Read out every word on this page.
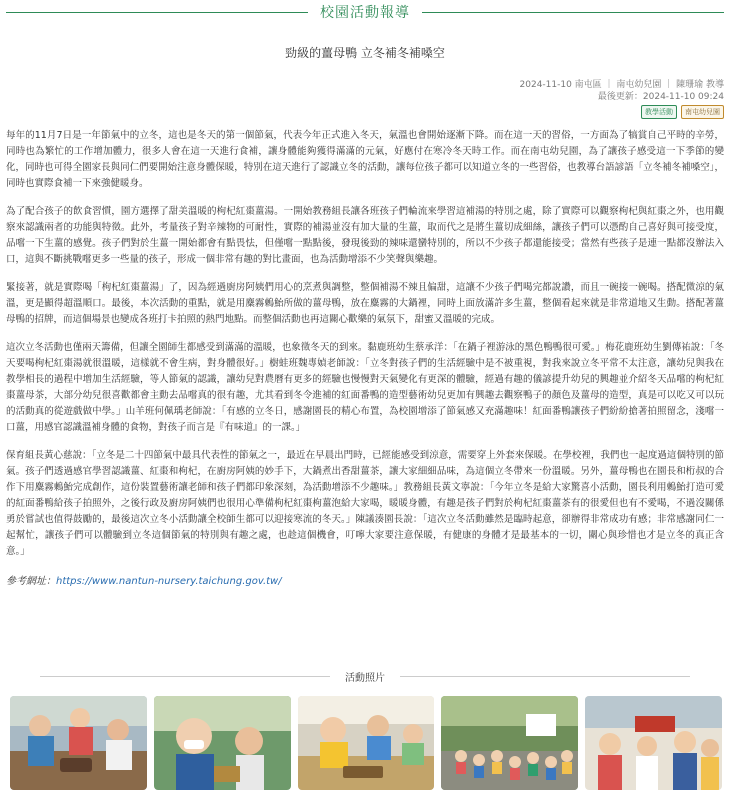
校園活動報導
勁級的薑母鴨 立冬補冬補嗓空
2024-11-10 南屯區 ｜ 南屯幼兒園 ｜ 陳珊瑜 教導
最後更新：2024-11-10 09:24
教學活動	南屯幼兒園

每年的11月7日是一年節氣中的立冬，這也是冬天的第一個節氣，代表今年正式進入冬天，氣溫也會開始逐漸下降。而在這一天的習俗，一方面為了犒賞自己平時的辛勞，同時也為繁忙的工作增加體力，很多人會在這一天進行食補，讓身體能夠獲得滿滿的元氣，好應付在寒冷冬天時工作。而在南屯幼兒園，為了讓孩子感受這一下季節的變化，同時也可得全園家長與同仁們要開始注意身體保暖，特別在這天進行了認識立冬的活動，讓每位孩子都可以知道立冬的一些習俗，也教導台語諺語「立冬補冬補嗓空」，同時也實際食補一下來強健暖身。

為了配合孩子的飲食習慣，園方選擇了甜美溫暖的枸杞紅棗薑湯。一開始教務組長讓各班孩子們輪流來學習這補湯的特別之處，除了實際可以觀察枸杞與紅棗之外，也用觀察來認識兩者的功能與特徵。此外，考量孩子對辛辣物的可耐性，實際的補湯並沒有加大量的生薑，取而代之是將生薑切成細絲，讓孩子們可以憑酌自己喜好與可接受度，品嚐一下生薑的感覺。孩子們對於生薑一開始都會有點畏怯，但僅嚐一點點後，發現後勁的辣味還蠻特別的，所以不少孩子都還能接受；當然有些孩子是連一點都沒辦法入口，這與不斷挑戰嚐更多一些量的孩子，形成一個非常有趣的對比畫面，也為活動增添不少笑聲與樂趣。

緊接著，就是實際喝「枸杞紅棗薑湯」了，因為經過廚房阿姨們用心的烹煮與調整，整個補湯不辣且偏甜，這讓不少孩子們喝完都說讚，而且一碗接一碗喝。搭配微涼的氣溫，更是顯得超溫順口。最後，本次活動的重點，就是用麋霧鶇鮐所做的薑母鴨，放在麋霧的大鍋裡，同時上面放滿許多生薑，整個看起來就是非常道地又生動。搭配著薑母鴨的招牌，而這個場景也變成各班打卡拍照的熱門地點。而整個活動也再這關心歡樂的氣氛下，甜蜜又溫暖的完成。

這次立冬活動也僅兩天籌備，但讓全園師生都感受到滿滿的溫暖，也象徵冬天的到來。黏鹿班幼生蔡承洋：「在鍋子裡游泳的黑色鴨鴨很可愛。」梅花鹿班幼生劉傳祐說：「冬天要喝枸杞紅棗湯就很溫暖，這樣就不會生病，對身體很好。」樹蛙班魏專媜老師說：「立冬對孩子們的生活經驗中是不被重視，對我來說立冬平常不太注意，讓幼兒與我在教學相長的過程中增加生活經驗，等人節氣的認識，讓幼兒對農曆有更多的經驗也慢慢對天氣變化有更深的體驗，經過有趣的儀諺提升幼兒的興趣並介紹冬天品嚐的枸杞紅棗薑母茶，大部分幼兒很喜歡都會主動去品嚐真的很有趣，尤其看到冬令進補的紅面番鴨的造型藝術幼兒更加有興趣去觀察鴨子的顏色及薑母的造型，真是可以吃又可以玩的活動真的從遊戲做中學。」山羊班何佩瑀老師說：「有感的立冬日，感謝園長的精心布置，為校園增添了節氣感又充滿趣味！紅面番鴨讓孩子們紛紛搶著拍照留念，淺嚐一口薑，用感官認識溫補身體的食物，對孩子而言是『有味道』的一課。」

保育組長黃心慈說：「立冬是二十四節氣中最具代表性的節氣之一，最近在早晨出門時，已經能感受到涼意，需要穿上外套來保暖。在學校裡，我們也一起度過這個特別的節氣。孩子們透過感官學習認識薑、紅棗和枸杞，在廚房阿姨的妙手下，大鍋煮出香甜薑茶，讓大家細細品味，為這個立冬帶來一份溫暖。另外，薑母鴨也在園長和桁叔的合作下用麋霧鶇鮐完成創作，這份裝置藝術讓老師和孩子們都印象深刻，為活動增添不少趣味。」教務組長黃文寧說：「今年立冬是給大家驚喜小活動，園長利用鶇鮐打造可愛的紅面番鴨給孩子拍照外，之後行政及廚房阿姨們也很用心準備枸杞紅棗枸薑泡給大家喝，暖暖身體，有趣是孩子們對於枸杞紅棗薑茶有的很愛但也有不愛喝，不過沒關係勇於嘗試也值得鼓勵的，最後這次立冬小活動讓全校師生都可以迎接寒流的冬天。」陳議湊園長說：「這次立冬活動雖然是臨時起意，卻辦得非常成功有感；非常感謝同仁一起幫忙，讓孩子們可以體驗到立冬這個節氣的特別與有趣之處，也趁這個機會，叮嚀大家要注意保暖，有健康的身體才是最基本的一切，關心與珍惜也才是立冬的真正含意。」

參考網址：https://www.nantun-nursery.taichung.gov.tw/
活動照片
